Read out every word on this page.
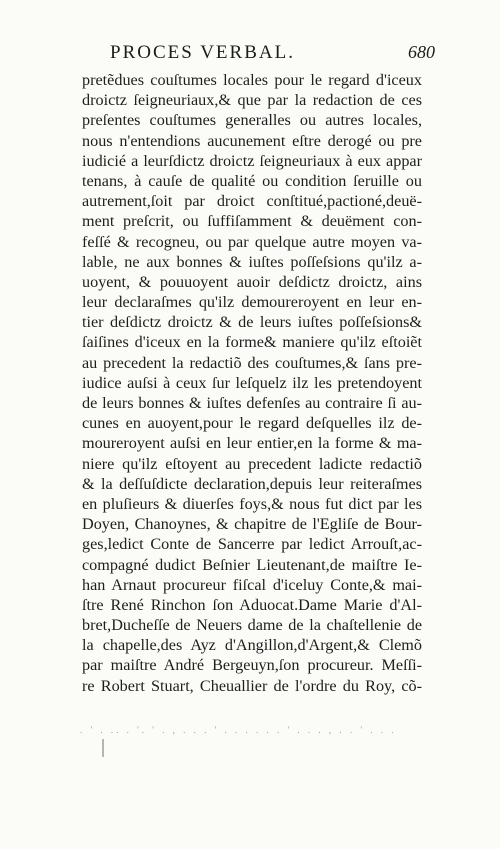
PROCES VERBAL.	680
pretẽdues couſtumes locales pour le regard d'iceux
droictz ſeigneuriaux,& que par la redaction de ces
preſentes couſtumes generalles ou autres locales,
nous n'entendions aucunement eſtre derogé ou pre
iudicié a leurſdictz droictz ſeigneuriaux à eux appar
tenans, à cauſe de qualité ou condition ſeruille ou
autrement,ſoit par droict conſtitué,pactioné,deuë-
ment preſcrit, ou ſuffiſamment & deuëment con-
feſſé & recogneu, ou par quelque autre moyen va-
lable, ne aux bonnes & iuſtes poſſeſsions qu'ilz a-
uoyent, & pouuoyent auoir deſdictz droictz, ains
leur declaraſmes qu'ilz demoureroyent en leur en-
tier deſdictz droictz & de leurs iuſtes poſſeſsions&
ſaiſines d'iceux en la forme& maniere qu'ilz eſtoiẽt
au precedent la redactiõ des couſtumes,& ſans pre-
iudice auſsi à ceux ſur leſquelz ilz les pretendoyent
de leurs bonnes & iuſtes defenſes au contraire ſi au-
cunes en auoyent,pour le regard deſquelles ilz de-
moureroyent auſsi en leur entier,en la forme & ma-
niere qu'ilz eſtoyent au precedent ladicte redactiõ
& la deſſuſdicte declaration,depuis leur reiteraſmes
en pluſieurs & diuerſes foys,& nous fut dict par les
Doyen, Chanoynes, & chapitre de l'Egliſe de Bour-
ges,ledict Conte de Sancerre par ledict Arrouſt,ac-
compagné dudict Beſnier Lieutenant,de maiſtre Ie-
han Arnaut procureur fiſcal d'iceluy Conte,& mai-
ſtre René Rinchon ſon Aduocat.Dame Marie d'Al-
bret,Ducheſſe de Neuers dame de la chaſtellenie de
la chapelle,des Ayz d'Angillon,d'Argent,& Clemõ
par maiſtre André Bergeuyn,ſon procureur. Meſſi-
re Robert Stuart, Cheuallier de l'ordre du Roy, cõ-
. ' . .. . '. ' . , . . . ' . . . . . . ' . . . , . . ' . . .
